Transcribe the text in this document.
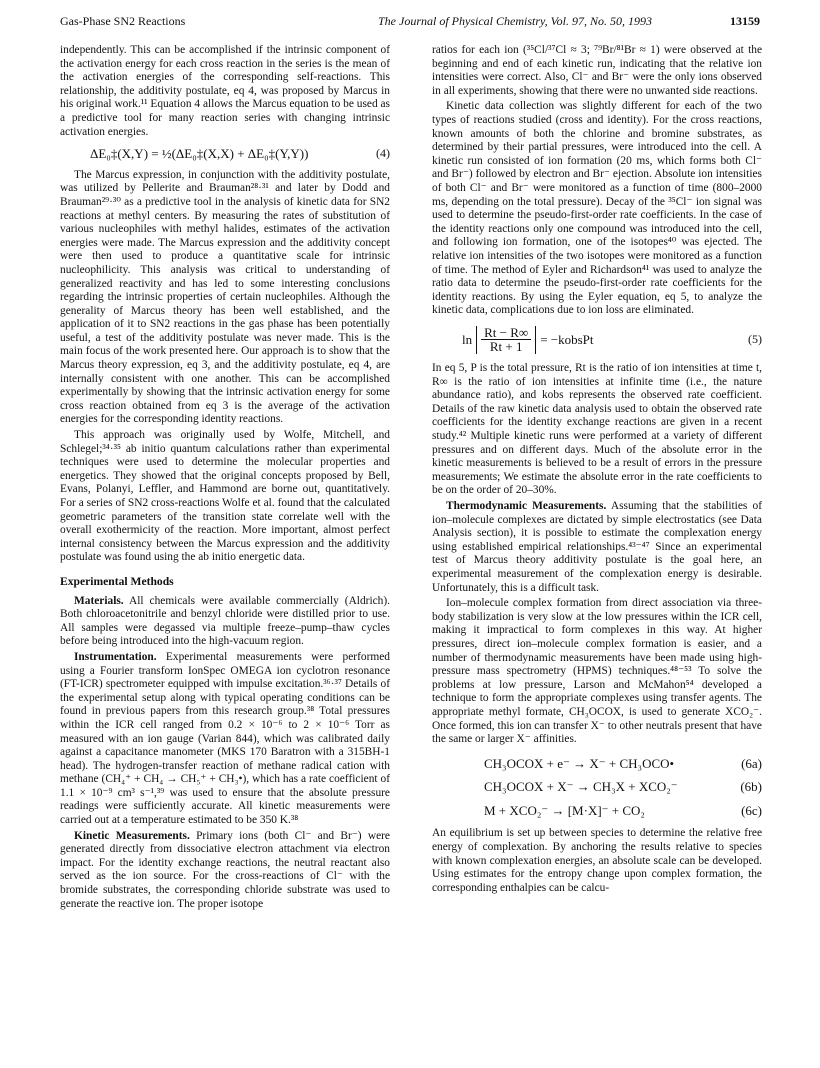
Gas-Phase SN2 Reactions	The Journal of Physical Chemistry, Vol. 97, No. 50, 1993	13159

independently. This can be accomplished if the intrinsic component of the activation energy for each cross reaction in the series is the mean of the activation energies of the corresponding self-reactions. This relationship, the additivity postulate, eq 4, was proposed by Marcus in his original work.¹¹ Equation 4 allows the Marcus equation to be used as a predictive tool for many reaction series with changing intrinsic activation energies.

ΔE₀‡(X,Y) = ½(ΔE₀‡(X,X) + ΔE₀‡(Y,Y))	(4)

The Marcus expression, in conjunction with the additivity postulate, was utilized by Pellerite and Brauman²⁸·³¹ and later by Dodd and Brauman²⁹·³⁰ as a predictive tool in the analysis of kinetic data for SN2 reactions at methyl centers. By measuring the rates of substitution of various nucleophiles with methyl halides, estimates of the activation energies were made. The Marcus expression and the additivity concept were then used to produce a quantitative scale for intrinsic nucleophilicity. This analysis was critical to understanding of generalized reactivity and has led to some interesting conclusions regarding the intrinsic properties of certain nucleophiles. Although the generality of Marcus theory has been well established, and the application of it to SN2 reactions in the gas phase has been potentially useful, a test of the additivity postulate was never made. This is the main focus of the work presented here. Our approach is to show that the Marcus theory expression, eq 3, and the additivity postulate, eq 4, are internally consistent with one another. This can be accomplished experimentally by showing that the intrinsic activation energy for some cross reaction obtained from eq 3 is the average of the activation energies for the corresponding identity reactions.

This approach was originally used by Wolfe, Mitchell, and Schlegel;³⁴·³⁵ ab initio quantum calculations rather than experimental techniques were used to determine the molecular properties and energetics. They showed that the original concepts proposed by Bell, Evans, Polanyi, Leffler, and Hammond are borne out, quantitatively. For a series of SN2 cross-reactions Wolfe et al. found that the calculated geometric parameters of the transition state correlate well with the overall exothermicity of the reaction. More important, almost perfect internal consistency between the Marcus expression and the additivity postulate was found using the ab initio energetic data.

Experimental Methods

Materials. All chemicals were available commercially (Aldrich). Both chloroacetonitrile and benzyl chloride were distilled prior to use. All samples were degassed via multiple freeze–pump–thaw cycles before being introduced into the high-vacuum region.

Instrumentation. Experimental measurements were performed using a Fourier transform IonSpec OMEGA ion cyclotron resonance (FT-ICR) spectrometer equipped with impulse excitation.³⁶·³⁷ Details of the experimental setup along with typical operating conditions can be found in previous papers from this research group.³⁸ Total pressures within the ICR cell ranged from 0.2 × 10⁻⁶ to 2 × 10⁻⁶ Torr as measured with an ion gauge (Varian 844), which was calibrated daily against a capacitance manometer (MKS 170 Baratron with a 315BH-1 head). The hydrogen-transfer reaction of methane radical cation with methane (CH₄⁺ + CH₄ → CH₅⁺ + CH₃•), which has a rate coefficient of 1.1 × 10⁻⁹ cm³ s⁻¹,³⁹ was used to ensure that the absolute pressure readings were sufficiently accurate. All kinetic measurements were carried out at a temperature estimated to be 350 K.³⁸

Kinetic Measurements. Primary ions (both Cl⁻ and Br⁻) were generated directly from dissociative electron attachment via electron impact. For the identity exchange reactions, the neutral reactant also served as the ion source. For the cross-reactions of Cl⁻ with the bromide substrates, the corresponding chloride substrate was used to generate the reactive ion. The proper isotope

ratios for each ion (³⁵Cl/³⁷Cl ≈ 3; ⁷⁹Br/⁸¹Br ≈ 1) were observed at the beginning and end of each kinetic run, indicating that the relative ion intensities were correct. Also, Cl⁻ and Br⁻ were the only ions observed in all experiments, showing that there were no unwanted side reactions.

Kinetic data collection was slightly different for each of the two types of reactions studied (cross and identity). For the cross reactions, known amounts of both the chlorine and bromine substrates, as determined by their partial pressures, were introduced into the cell. A kinetic run consisted of ion formation (20 ms, which forms both Cl⁻ and Br⁻) followed by electron and Br⁻ ejection. Absolute ion intensities of both Cl⁻ and Br⁻ were monitored as a function of time (800–2000 ms, depending on the total pressure). Decay of the ³⁵Cl⁻ ion signal was used to determine the pseudo-first-order rate coefficients. In the case of the identity reactions only one compound was introduced into the cell, and following ion formation, one of the isotopes⁴⁰ was ejected. The relative ion intensities of the two isotopes were monitored as a function of time. The method of Eyler and Richardson⁴¹ was used to analyze the ratio data to determine the pseudo-first-order rate coefficients for the identity reactions. By using the Eyler equation, eq 5, to analyze the kinetic data, complications due to ion loss are eliminated.

$\ln \frac{Rt - R\infty}{Rt + 1}$ = −kobsPt	(5)

In eq 5, P is the total pressure, Rt is the ratio of ion intensities at time t, R∞ is the ratio of ion intensities at infinite time (i.e., the nature abundance ratio), and kobs represents the observed rate coefficient. Details of the raw kinetic data analysis used to obtain the observed rate coefficients for the identity exchange reactions are given in a recent study.⁴² Multiple kinetic runs were performed at a variety of different pressures and on different days. Much of the absolute error in the kinetic measurements is believed to be a result of errors in the pressure measurements; We estimate the absolute error in the rate coefficients to be on the order of 20–30%.

Thermodynamic Measurements. Assuming that the stabilities of ion–molecule complexes are dictated by simple electrostatics (see Data Analysis section), it is possible to estimate the complexation energy using established empirical relationships.⁴³⁻⁴⁷ Since an experimental test of Marcus theory additivity postulate is the goal here, an experimental measurement of the complexation energy is desirable. Unfortunately, this is a difficult task.

Ion–molecule complex formation from direct association via three-body stabilization is very slow at the low pressures within the ICR cell, making it impractical to form complexes in this way. At higher pressures, direct ion–molecule complex formation is easier, and a number of thermodynamic measurements have been made using high-pressure mass spectrometry (HPMS) techniques.⁴⁸⁻⁵³ To solve the problems at low pressure, Larson and McMahon⁵⁴ developed a technique to form the appropriate complexes using transfer agents. The appropriate methyl formate, CH₃OCOX, is used to generate XCO₂⁻. Once formed, this ion can transfer X⁻ to other neutrals present that have the same or larger X⁻ affinities.

CH₃OCOX + e⁻ → X⁻ + CH₃OCO•	(6a)
CH₃OCOX + X⁻ → CH₃X + XCO₂⁻	(6b)
M + XCO₂⁻ → [M·X]⁻ + CO₂	(6c)

An equilibrium is set up between species to determine the relative free energy of complexation. By anchoring the results relative to species with known complexation energies, an absolute scale can be developed. Using estimates for the entropy change upon complex formation, the corresponding enthalpies can be calcu-
